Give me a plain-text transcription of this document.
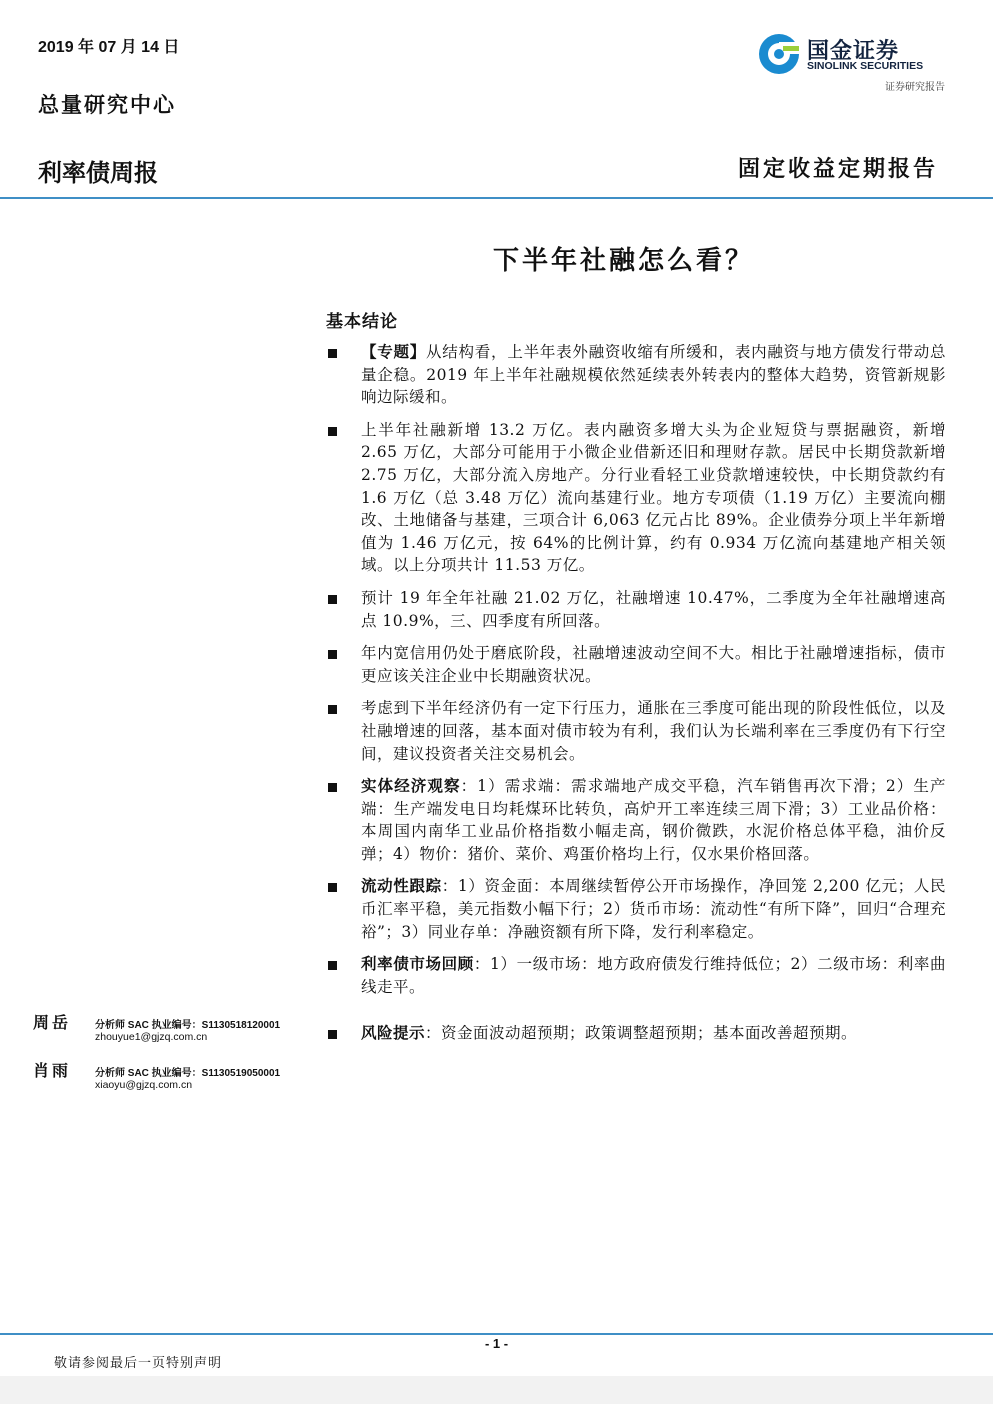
2019 年 07 月 14 日
总量研究中心
利率债周报	固定收益定期报告
国金证券
SINOLINK SECURITIES
证券研究报告
下半年社融怎么看？
基本结论
【专题】从结构看，上半年表外融资收缩有所缓和，表内融资与地方债发行带动总量企稳。2019 年上半年社融规模依然延续表外转表内的整体大趋势，资管新规影响边际缓和。
上半年社融新增 13.2 万亿。表内融资多增大头为企业短贷与票据融资，新增 2.65 万亿，大部分可能用于小微企业借新还旧和理财存款。居民中长期贷款新增 2.75 万亿，大部分流入房地产。分行业看轻工业贷款增速较快，中长期贷款约有 1.6 万亿（总 3.48 万亿）流向基建行业。地方专项债（1.19 万亿）主要流向棚改、土地储备与基建，三项合计 6,063 亿元占比 89%。企业债券分项上半年新增值为 1.46 万亿元，按 64%的比例计算，约有 0.934 万亿流向基建地产相关领域。以上分项共计 11.53 万亿。
预计 19 年全年社融 21.02 万亿，社融增速 10.47%，二季度为全年社融增速高点 10.9%，三、四季度有所回落。
年内宽信用仍处于磨底阶段，社融增速波动空间不大。相比于社融增速指标，债市更应该关注企业中长期融资状况。
考虑到下半年经济仍有一定下行压力，通胀在三季度可能出现的阶段性低位，以及社融增速的回落，基本面对债市较为有利，我们认为长端利率在三季度仍有下行空间，建议投资者关注交易机会。
实体经济观察：1）需求端：需求端地产成交平稳，汽车销售再次下滑；2）生产端：生产端发电日均耗煤环比转负，高炉开工率连续三周下滑；3）工业品价格：本周国内南华工业品价格指数小幅走高，钢价微跌，水泥价格总体平稳，油价反弹；4）物价：猪价、菜价、鸡蛋价格均上行，仅水果价格回落。
流动性跟踪：1）资金面：本周继续暂停公开市场操作，净回笼 2,200 亿元；人民币汇率平稳，美元指数小幅下行；2）货币市场：流动性“有所下降”，回归“合理充裕”；3）同业存单：净融资额有所下降，发行利率稳定。
利率债市场回顾：1）一级市场：地方政府债发行维持低位；2）二级市场：利率曲线走平。
风险提示：资金面波动超预期；政策调整超预期；基本面改善超预期。
周岳 分析师 SAC 执业编号：S1130518120001
zhouyue1@gjzq.com.cn
肖雨 分析师 SAC 执业编号：S1130519050001
xiaoyu@gjzq.com.cn
- 1 -
敬请参阅最后一页特别声明
